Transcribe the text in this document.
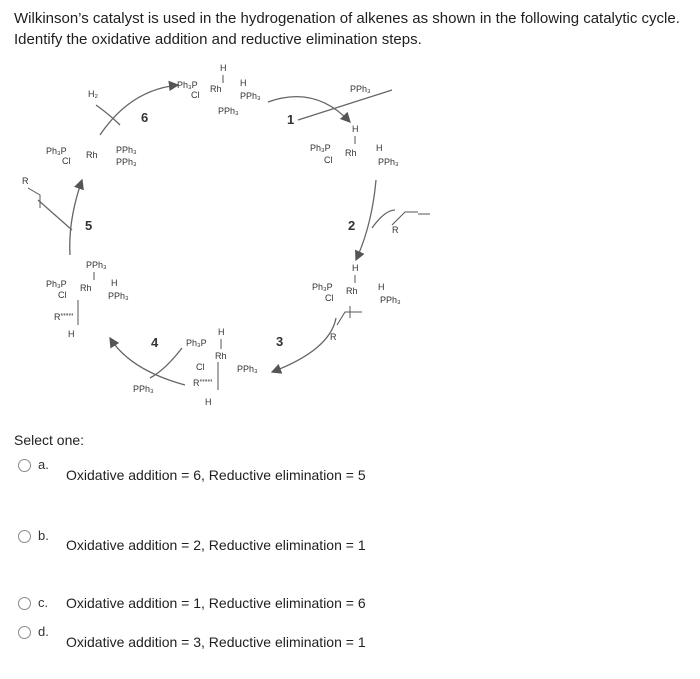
Wilkinson’s catalyst is used in the hydrogenation of alkenes as shown in the following catalytic cycle.
Identify the oxidative addition and reductive elimination steps.
1
2
3
4
5
6
H
Ph₃P Rh
Cl
H
PPh₃
PPh₃
PPh₃
H
Ph₃P Rh
Cl
H
PPh₃
R
H
Ph₃P Rh
Cl
H
PPh₃
R
Ph₃P
H
Rh
Cl	PPh₃
R""""
H
PPh₃
PPh₃
Ph₃P Rh
Cl
H
PPh₃
R""""
H
R
Ph₃P Rh
Cl
PPh₃
PPh₃
H₂
Select one:
a.
Oxidative addition = 6, Reductive elimination = 5
b.
Oxidative addition = 2, Reductive elimination = 1
c. Oxidative addition = 1, Reductive elimination = 6
d.
Oxidative addition = 3, Reductive elimination = 1
